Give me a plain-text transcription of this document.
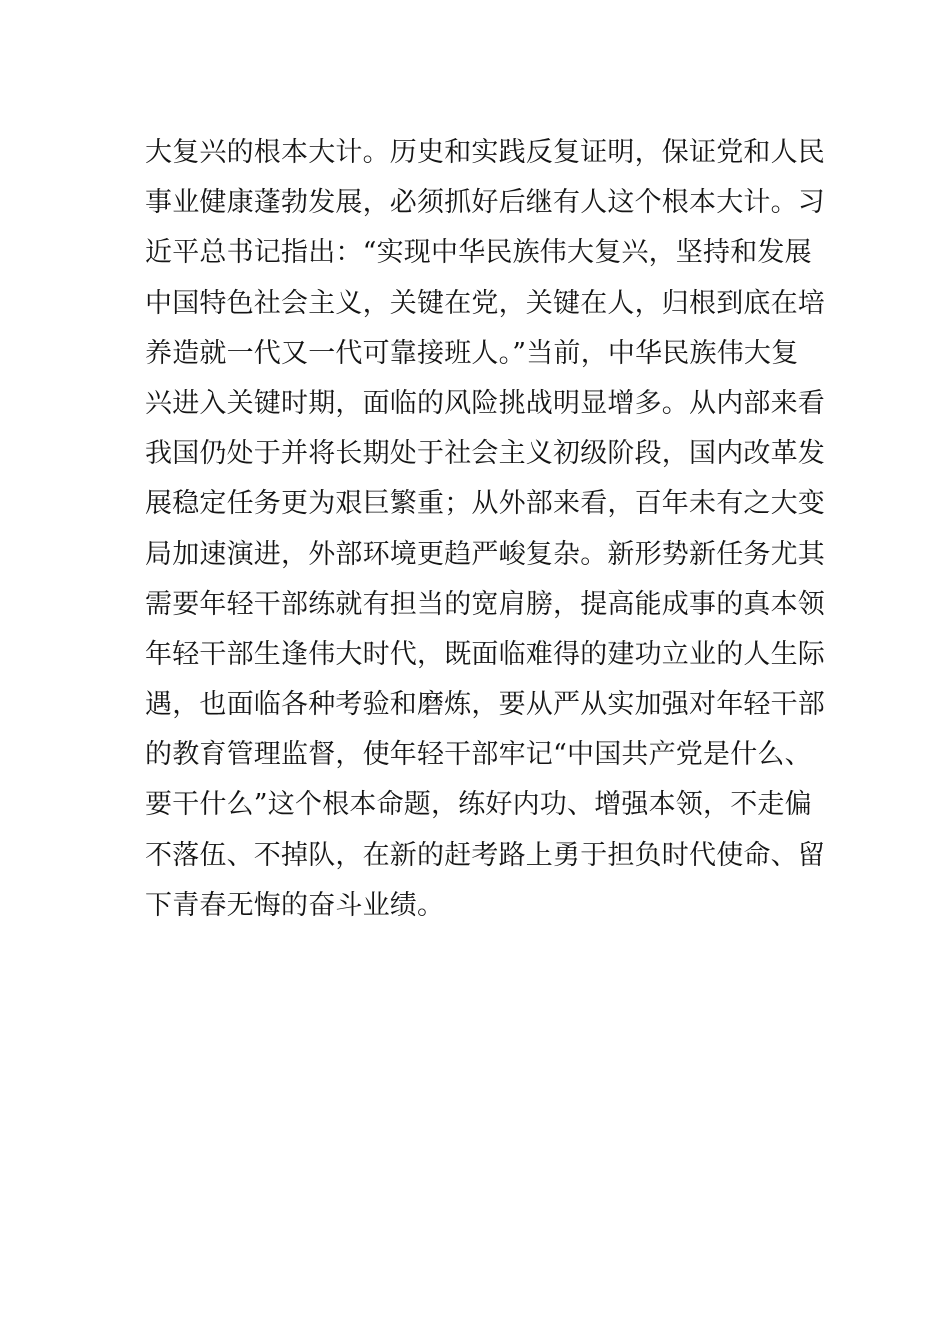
大复兴的根本大计。历史和实践反复证明，保证党和人民
事业健康蓬勃发展，必须抓好后继有人这个根本大计。习
近平总书记指出：“实现中华民族伟大复兴，坚持和发展
中国特色社会主义，关键在党，关键在人，归根到底在培
养造就一代又一代可靠接班人。”当前，中华民族伟大复
兴进入关键时期，面临的风险挑战明显增多。从内部来看
我国仍处于并将长期处于社会主义初级阶段，国内改革发
展稳定任务更为艰巨繁重；从外部来看，百年未有之大变
局加速演进，外部环境更趋严峻复杂。新形势新任务尤其
需要年轻干部练就有担当的宽肩膀，提高能成事的真本领
年轻干部生逢伟大时代，既面临难得的建功立业的人生际
遇，也面临各种考验和磨炼，要从严从实加强对年轻干部
的教育管理监督，使年轻干部牢记“中国共产党是什么、
要干什么”这个根本命题，练好内功、增强本领，不走偏
不落伍、不掉队，在新的赶考路上勇于担负时代使命、留
下青春无悔的奋斗业绩。
